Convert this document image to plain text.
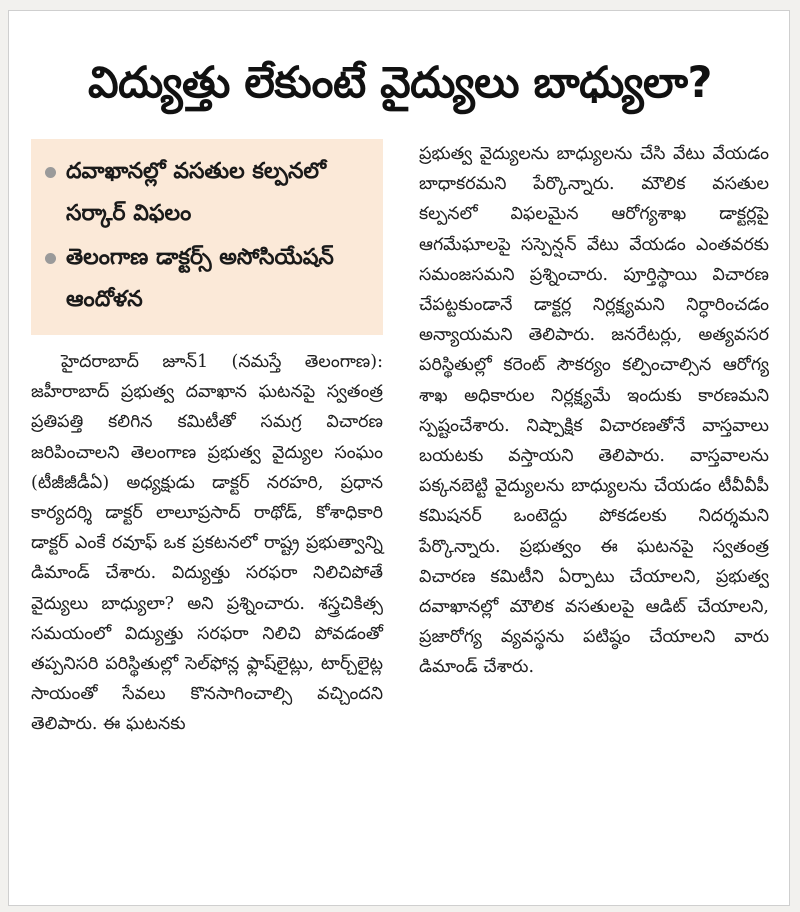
విద్యుత్తు లేకుంటే వైద్యులు బాధ్యులా?
దవాఖానల్లో వసతుల కల్పనలో సర్కార్ విఫలం
తెలంగాణ డాక్టర్స్ అసోసియేషన్ ఆందోళన

హైదరాబాద్ జూన్1 (నమస్తే తెలంగాణ): జహీరాబాద్ ప్రభుత్వ దవాఖాన ఘటనపై స్వతంత్ర ప్రతిపత్తి కలిగిన కమిటీతో సమగ్ర విచారణ జరిపించాలని తెలంగాణ ప్రభుత్వ వైద్యుల సంఘం (టీజీజీడీఏ) అధ్యక్షుడు డాక్టర్ నరహరి, ప్రధాన కార్యదర్శి డాక్టర్ లాలూప్రసాద్ రాథోడ్, కోశాధికారి డాక్టర్ ఎంకే రవూఫ్ ఒక ప్రకటనలో రాష్ట్ర ప్రభుత్వాన్ని డిమాండ్ చేశారు. విద్యుత్తు సరఫరా నిలిచిపోతే వైద్యులు బాధ్యులా? అని ప్రశ్నించారు. శస్త్రచికిత్స సమయంలో విద్యుత్తు సరఫరా నిలిచి పోవడంతో తప్పనిసరి పరిస్థితుల్లో సెల్‌ఫోన్ల ఫ్లాష్‌లైట్లు, టార్చ్‌లైట్ల సాయంతో సేవలు కొనసాగించాల్సి వచ్చిందని తెలిపారు. ఈ ఘటనకు

ప్రభుత్వ వైద్యులను బాధ్యులను చేసి వేటు వేయడం బాధాకరమని పేర్కొన్నారు. మౌలిక వసతుల కల్పనలో విఫలమైన ఆరోగ్యశాఖ డాక్టర్లపై ఆగమేఘాలపై సస్పెన్షన్ వేటు వేయడం ఎంతవరకు సమంజసమని ప్రశ్నించారు. పూర్తిస్థాయి విచారణ చేపట్టకుండానే డాక్టర్ల నిర్లక్ష్యమని నిర్ధారించడం అన్యాయమని తెలిపారు. జనరేటర్లు, అత్యవసర పరిస్థితుల్లో కరెంట్ సౌకర్యం కల్పించాల్సిన ఆరోగ్య శాఖ అధికారుల నిర్లక్ష్యమే ఇందుకు కారణమని స్పష్టంచేశారు. నిష్పాక్షిక విచారణతోనే వాస్తవాలు బయటకు వస్తాయని తెలిపారు. వాస్తవాలను పక్కనబెట్టి వైద్యులను బాధ్యులను చేయడం టీవీవీపీ కమిషనర్ ఒంటెద్దు పోకడలకు నిదర్శమని పేర్కొన్నారు. ప్రభుత్వం ఈ ఘటనపై స్వతంత్ర విచారణ కమిటీని ఏర్పాటు చేయాలని, ప్రభుత్వ దవాఖానల్లో మౌలిక వసతులపై ఆడిట్ చేయాలని, ప్రజారోగ్య వ్యవస్థను పటిష్ఠం చేయాలని వారు డిమాండ్ చేశారు.
